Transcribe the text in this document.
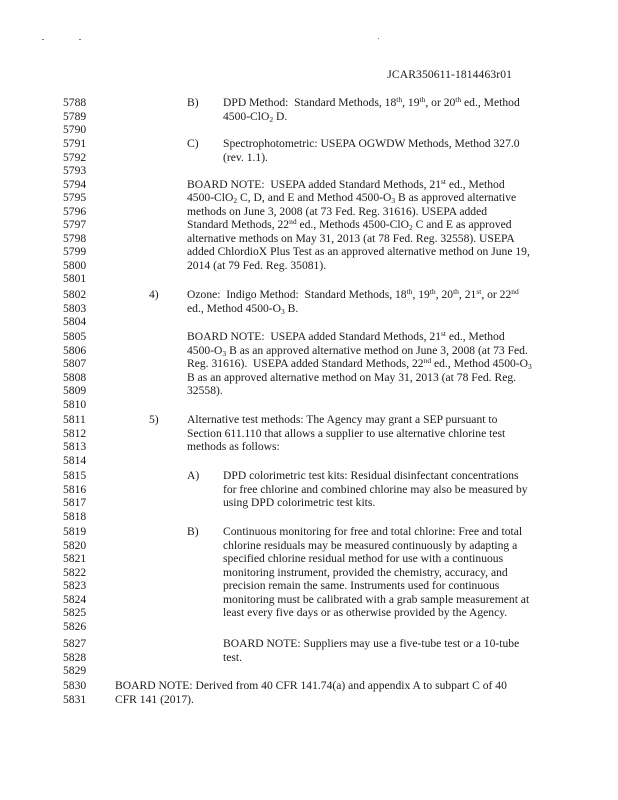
JCAR350611-1814463r01
5788	B) DPD Method:  Standard Methods, 18th, 19th, or 20th ed., Method
5789	4500-ClO$_2$ D.
5790
5791	C) Spectrophotometric: USEPA OGWDW Methods, Method 327.0
5792	(rev. 1.1).
5793
5794	BOARD NOTE:  USEPA added Standard Methods, 21st ed., Method
5795	4500-ClO$_2$ C, D, and E and Method $4500-O_3$ B as approved alternative
5796	methods on June 3, 2008 (at 73 Fed. Reg. 31616). USEPA added
5797	Standard Methods, 22nd ed., Methods 4500-ClO$_2$ C and E as approved
5798	alternative methods on May 31, 2013 (at 78 Fed. Reg. 32558). USEPA
5799	added ChlordioX Plus Test as an approved alternative method on June 19,
5800	2014 (at 79 Fed. Reg. 35081).
5801
5802	4) Ozone:  Indigo Method:  Standard Methods, 18th, 19th, 20th, 21st, or 22nd
5803	ed., Method $4500-O_3$ B.
5804
5805	BOARD NOTE:  USEPA added Standard Methods, 21st ed., Method
5806	$4500-O_3$ B as an approved alternative method on June 3, 2008 (at 73 Fed.
5807	Reg. 31616).  USEPA added Standard Methods, 22nd ed., Method $4500-O_3$
5808	B as an approved alternative method on May 31, 2013 (at 78 Fed. Reg.
5809	32558).
5810
5811	5) Alternative test methods: The Agency may grant a SEP pursuant to
5812	Section 611.110 that allows a supplier to use alternative chlorine test
5813	methods as follows:
5814
5815	A) DPD colorimetric test kits: Residual disinfectant concentrations
5816	for free chlorine and combined chlorine may also be measured by
5817	using DPD colorimetric test kits.
5818
5819	B) Continuous monitoring for free and total chlorine: Free and total
5820	chlorine residuals may be measured continuously by adapting a
5821	specified chlorine residual method for use with a continuous
5822	monitoring instrument, provided the chemistry, accuracy, and
5823	precision remain the same. Instruments used for continuous
5824	monitoring must be calibrated with a grab sample measurement at
5825	least every five days or as otherwise provided by the Agency.
5826
5827	BOARD NOTE: Suppliers may use a five-tube test or a 10-tube
5828	test.
5829
5830	BOARD NOTE: Derived from 40 CFR 141.74(a) and appendix A to subpart C of 40
5831	CFR 141 (2017).
